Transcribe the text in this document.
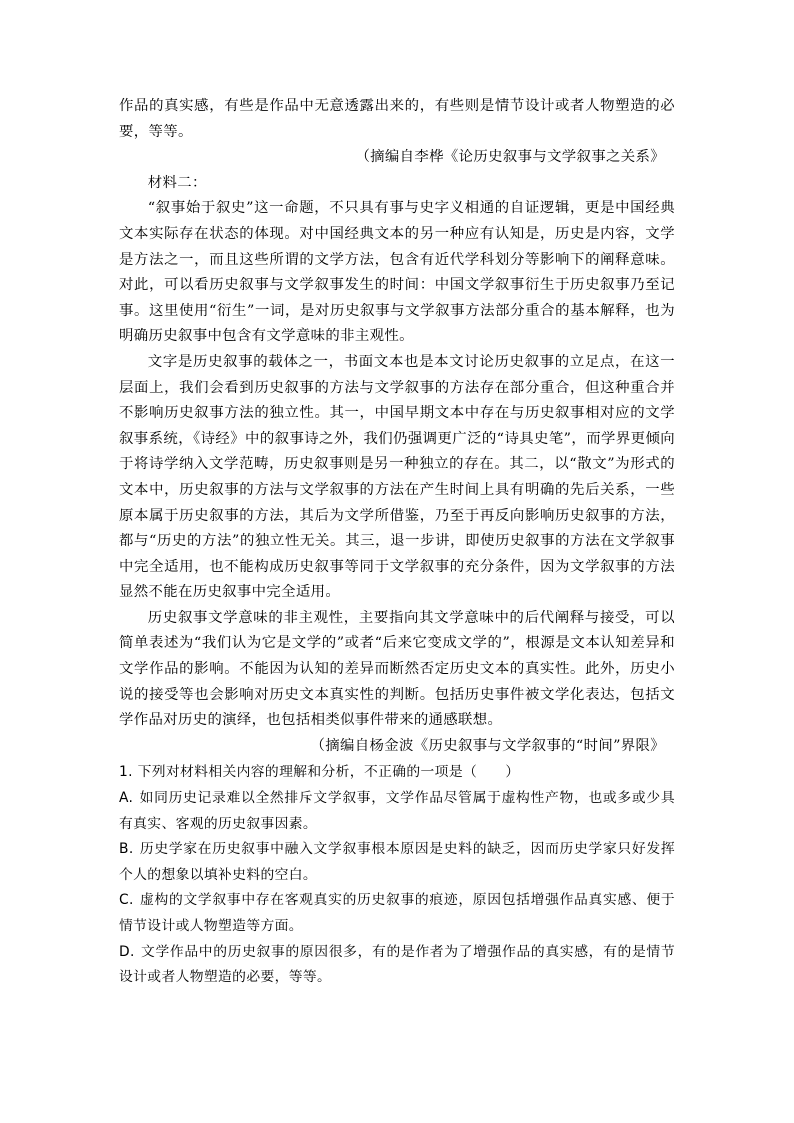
作品的真实感，有些是作品中无意透露出来的，有些则是情节设计或者人物塑造的必要，等等。

（摘编自李桦《论历史叙事与文学叙事之关系》

材料二：

“叙事始于叙史”这一命题，不只具有事与史字义相通的自证逻辑，更是中国经典文本实际存在状态的体现。对中国经典文本的另一种应有认知是，历史是内容，文学是方法之一，而且这些所谓的文学方法，包含有近代学科划分等影响下的阐释意味。对此，可以看历史叙事与文学叙事发生的时间：中国文学叙事衍生于历史叙事乃至记事。这里使用“衍生”一词，是对历史叙事与文学叙事方法部分重合的基本解释，也为明确历史叙事中包含有文学意味的非主观性。

文字是历史叙事的载体之一，书面文本也是本文讨论历史叙事的立足点，在这一层面上，我们会看到历史叙事的方法与文学叙事的方法存在部分重合，但这种重合并不影响历史叙事方法的独立性。其一，中国早期文本中存在与历史叙事相对应的文学叙事系统，《诗经》中的叙事诗之外，我们仍强调更广泛的“诗具史笔”，而学界更倾向于将诗学纳入文学范畴，历史叙事则是另一种独立的存在。其二，以“散文”为形式的文本中，历史叙事的方法与文学叙事的方法在产生时间上具有明确的先后关系，一些原本属于历史叙事的方法，其后为文学所借鉴，乃至于再反向影响历史叙事的方法，都与“历史的方法”的独立性无关。其三，退一步讲，即使历史叙事的方法在文学叙事中完全适用，也不能构成历史叙事等同于文学叙事的充分条件，因为文学叙事的方法显然不能在历史叙事中完全适用。

历史叙事文学意味的非主观性，主要指向其文学意味中的后代阐释与接受，可以简单表述为“我们认为它是文学的”或者“后来它变成文学的”，根源是文本认知差异和文学作品的影响。不能因为认知的差异而断然否定历史文本的真实性。此外，历史小说的接受等也会影响对历史文本真实性的判断。包括历史事件被文学化表达，包括文学作品对历史的演绎，也包括相类似事件带来的通感联想。

（摘编自杨金波《历史叙事与文学叙事的“时间”界限》

1. 下列对材料相关内容的理解和分析，不正确的一项是（　　）

A. 如同历史记录难以全然排斥文学叙事，文学作品尽管属于虚构性产物，也或多或少具有真实、客观的历史叙事因素。

B. 历史学家在历史叙事中融入文学叙事根本原因是史料的缺乏，因而历史学家只好发挥个人的想象以填补史料的空白。

C. 虚构的文学叙事中存在客观真实的历史叙事的痕迹，原因包括增强作品真实感、便于情节设计或人物塑造等方面。

D. 文学作品中的历史叙事的原因很多，有的是作者为了增强作品的真实感，有的是情节设计或者人物塑造的必要，等等。
